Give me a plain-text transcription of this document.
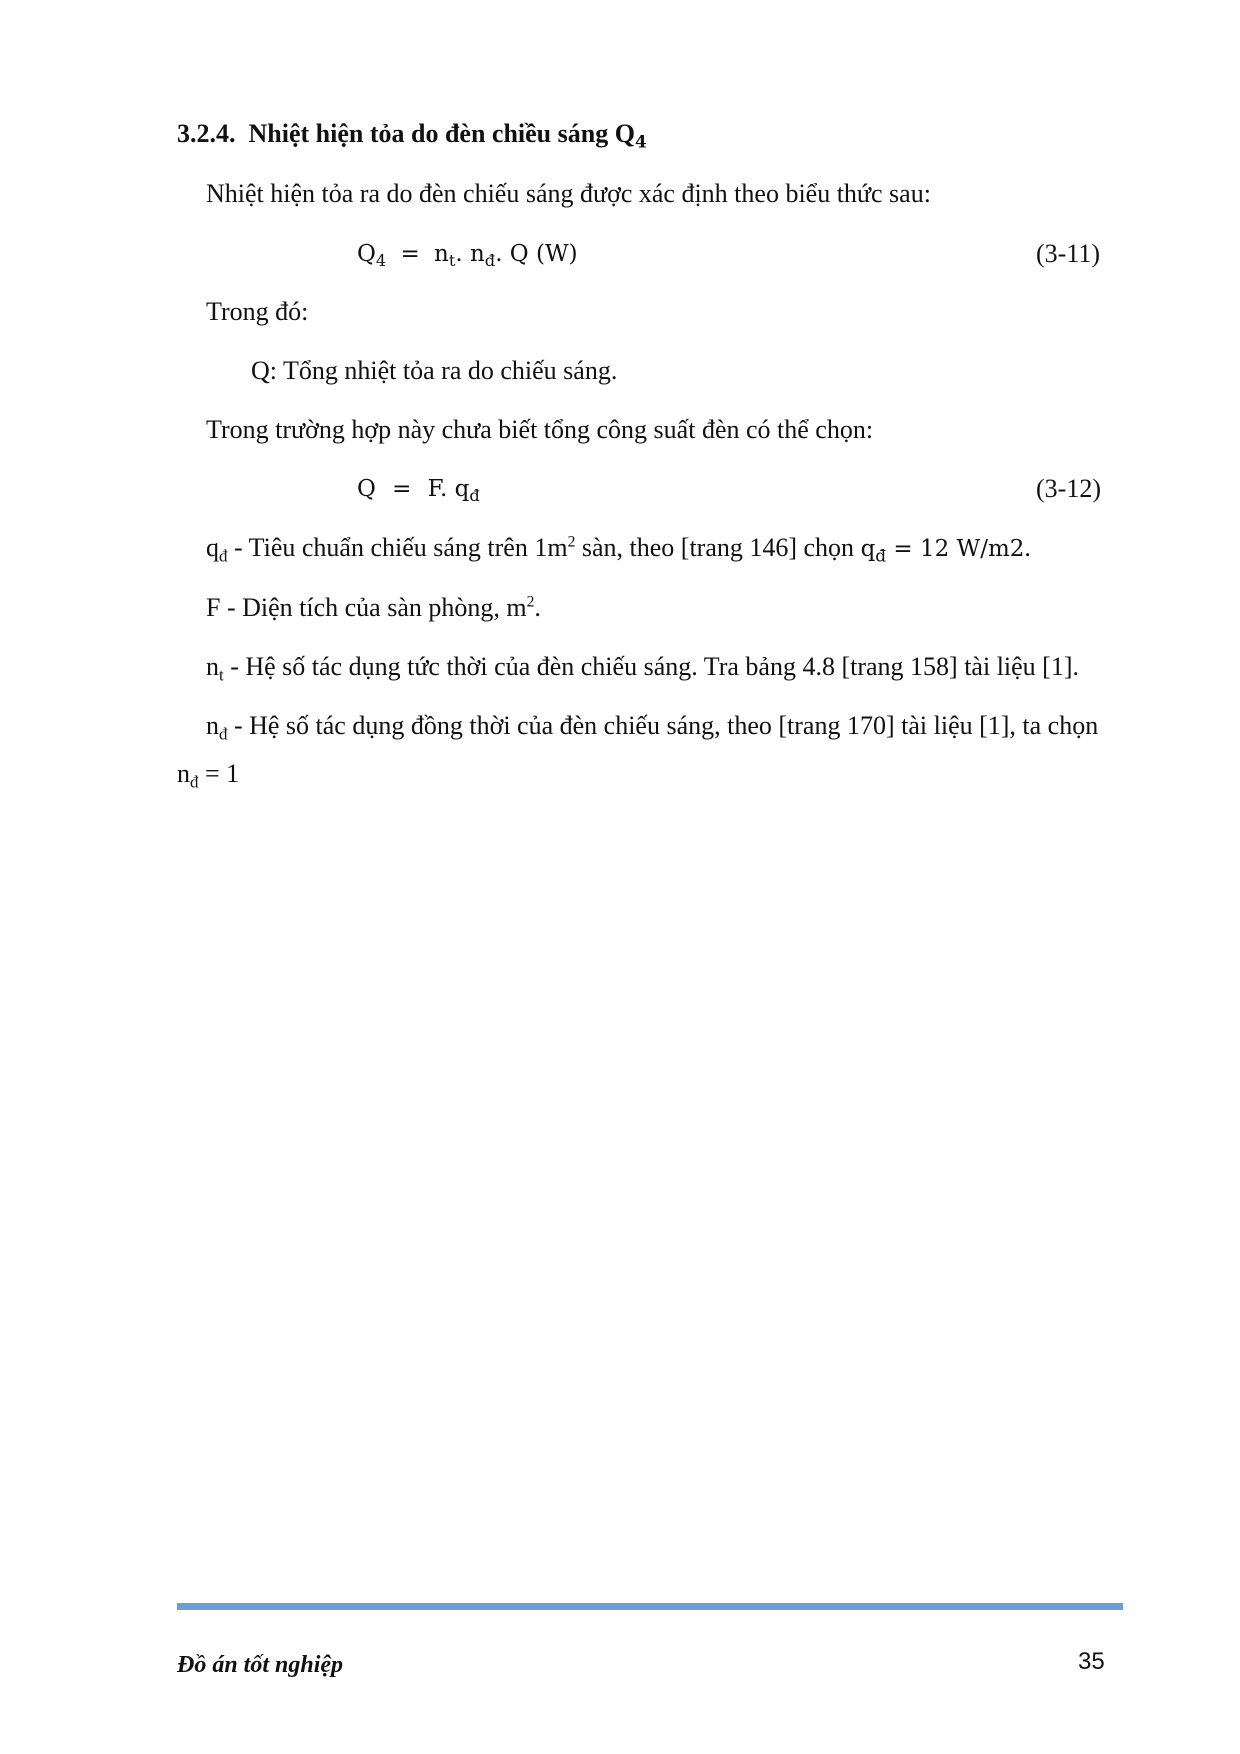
3.2.4. Nhiệt hiện tỏa do đèn chiều sáng $Q_4$
Nhiệt hiện tỏa ra do đèn chiếu sáng được xác định theo biểu thức sau:
$Q_4 = n_t$. $n_đ$. Q (W)	(3-11)
Trong đó:
Q: Tổng nhiệt tỏa ra do chiếu sáng.
Trong trường hợp này chưa biết tổng công suất đèn có thể chọn:
Q = F. $q_đ$	(3-12)
$q_đ$ - Tiêu chuẩn chiếu sáng trên $1m^2$ sàn, theo [trang 146] chọn $q_đ = 12$ W/m2.
F - Diện tích của sàn phòng, $m^2$.
$n_t$ - Hệ số tác dụng tức thời của đèn chiếu sáng. Tra bảng 4.8 [trang 158] tài liệu [1].
$n_đ$ - Hệ số tác dụng đồng thời của đèn chiếu sáng, theo [trang 170] tài liệu [1], ta chọn
$n_đ = 1$
Đồ án tốt nghiệp	35
